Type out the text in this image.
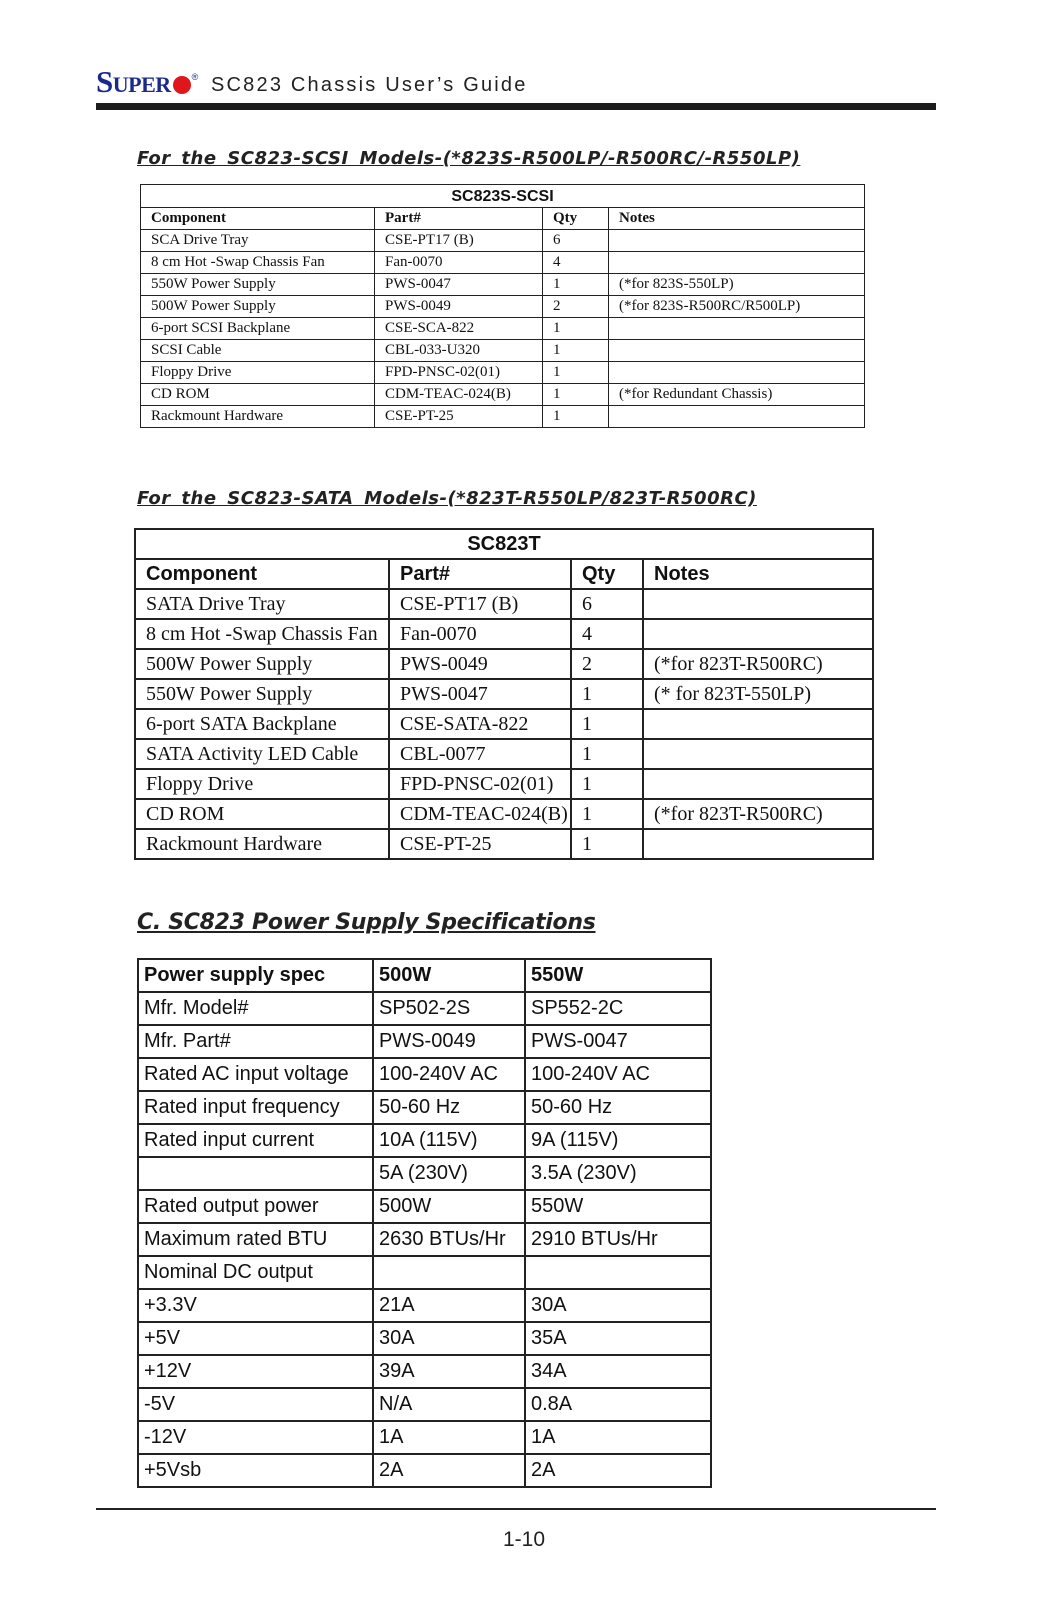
SUPER ® SC823 Chassis User’s Guide
For the SC823-SCSI Models-(*823S-R500LP/-R500RC/-R550LP)
SC823S-SCSI			
Component	Part#	Qty	Notes
SCA Drive Tray	CSE-PT17 (B)	6	
8 cm Hot -Swap Chassis Fan	Fan-0070	4	
550W Power Supply	PWS-0047	1	(*for 823S-550LP)
500W Power Supply	PWS-0049	2	(*for 823S-R500RC/R500LP)
6-port SCSI Backplane	CSE-SCA-822	1	
SCSI Cable	CBL-033-U320	1	
Floppy Drive	FPD-PNSC-02(01)	1	
CD ROM	CDM-TEAC-024(B)	1	(*for Redundant Chassis)
Rackmount Hardware	CSE-PT-25	1	
For the SC823-SATA Models-(*823T-R550LP/823T-R500RC)
SC823T			
Component	Part#	Qty	Notes
SATA Drive Tray	CSE-PT17 (B)	6	
8 cm Hot -Swap Chassis Fan	Fan-0070	4	
500W Power Supply	PWS-0049	2	(*for 823T-R500RC)
550W Power Supply	PWS-0047	1	(* for 823T-550LP)
6-port SATA Backplane	CSE-SATA-822	1	
SATA Activity LED Cable	CBL-0077	1	
Floppy Drive	FPD-PNSC-02(01)	1	
CD ROM	CDM-TEAC-024(B)	1	(*for 823T-R500RC)
Rackmount Hardware	CSE-PT-25	1	
C. SC823 Power Supply Specifications
Power supply spec	500W	550W
Mfr. Model#	SP502-2S	SP552-2C
Mfr. Part#	PWS-0049	PWS-0047
Rated AC input voltage	100-240V AC	100-240V AC
Rated input frequency	50-60 Hz	50-60 Hz
Rated input current	10A (115V)	9A (115V)
	5A (230V)	3.5A (230V)
Rated output power	500W	550W
Maximum rated BTU	2630 BTUs/Hr	2910 BTUs/Hr
Nominal DC output		
+3.3V	21A	30A
+5V	30A	35A
+12V	39A	34A
-5V	N/A	0.8A
-12V	1A	1A
+5Vsb	2A	2A
1-10
